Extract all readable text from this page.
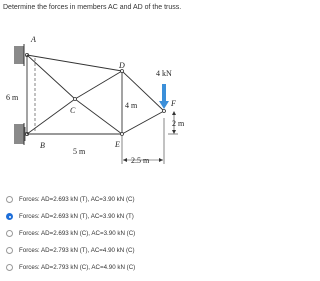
Determine the forces in members AC and AD of the truss.
A
B
C
D
E
F
4 kN
6 m
4 m
2 m
5 m
2.5 m
Forces: AD=2.693 kN (T), AC=3.90 kN (C)
Forces: AD=2.693 kN (T), AC=3.90 kN (T)
Forces: AD=2.693 kN (C), AC=3.90 kN (C)
Forces: AD=2.793 kN (T), AC=4.90 kN (C)
Forces: AD=2.793 kN (C), AC=4.90 kN (C)
